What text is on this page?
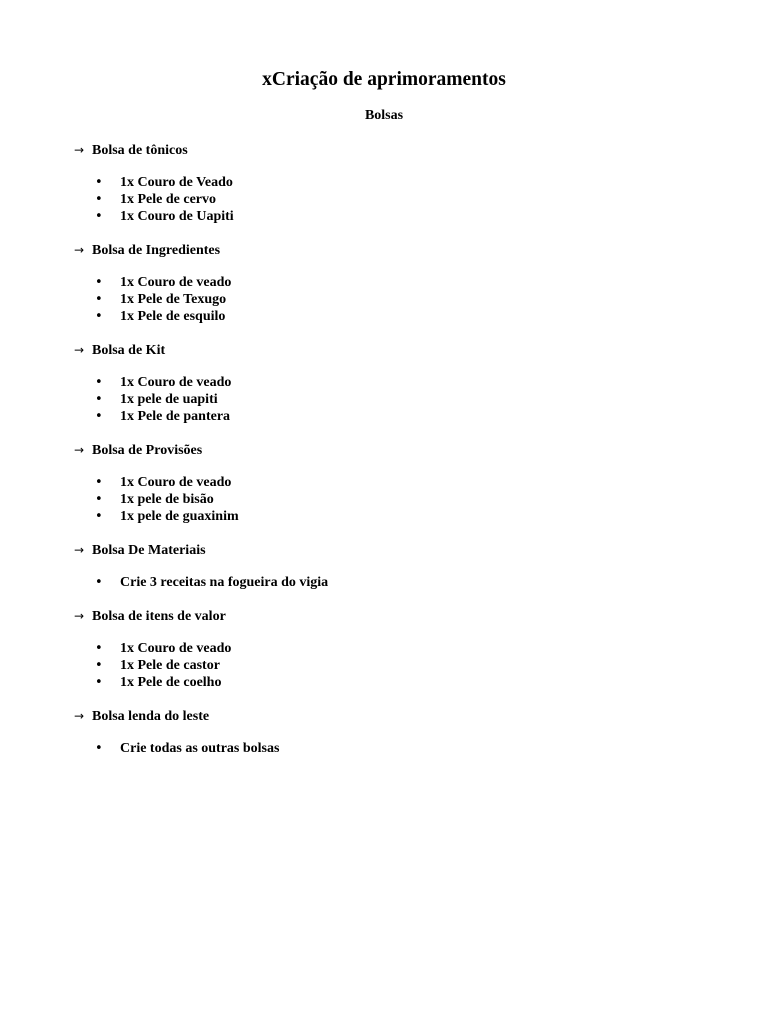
xCriação de aprimoramentos
Bolsas
→ Bolsa de tônicos
• 1x Couro de Veado
• 1x Pele de cervo
• 1x Couro de Uapiti
→ Bolsa de Ingredientes
• 1x Couro de veado
• 1x Pele de Texugo
• 1x Pele de esquilo
→ Bolsa de Kit
• 1x Couro de veado
• 1x pele de uapiti
• 1x Pele de pantera
→ Bolsa de Provisões
• 1x Couro de veado
• 1x pele de bisão
• 1x pele de guaxinim
→ Bolsa De Materiais
• Crie 3 receitas na fogueira do vigia
→ Bolsa de itens de valor
• 1x Couro de veado
• 1x Pele de castor
• 1x Pele de coelho
→ Bolsa lenda do leste
• Crie todas as outras bolsas
